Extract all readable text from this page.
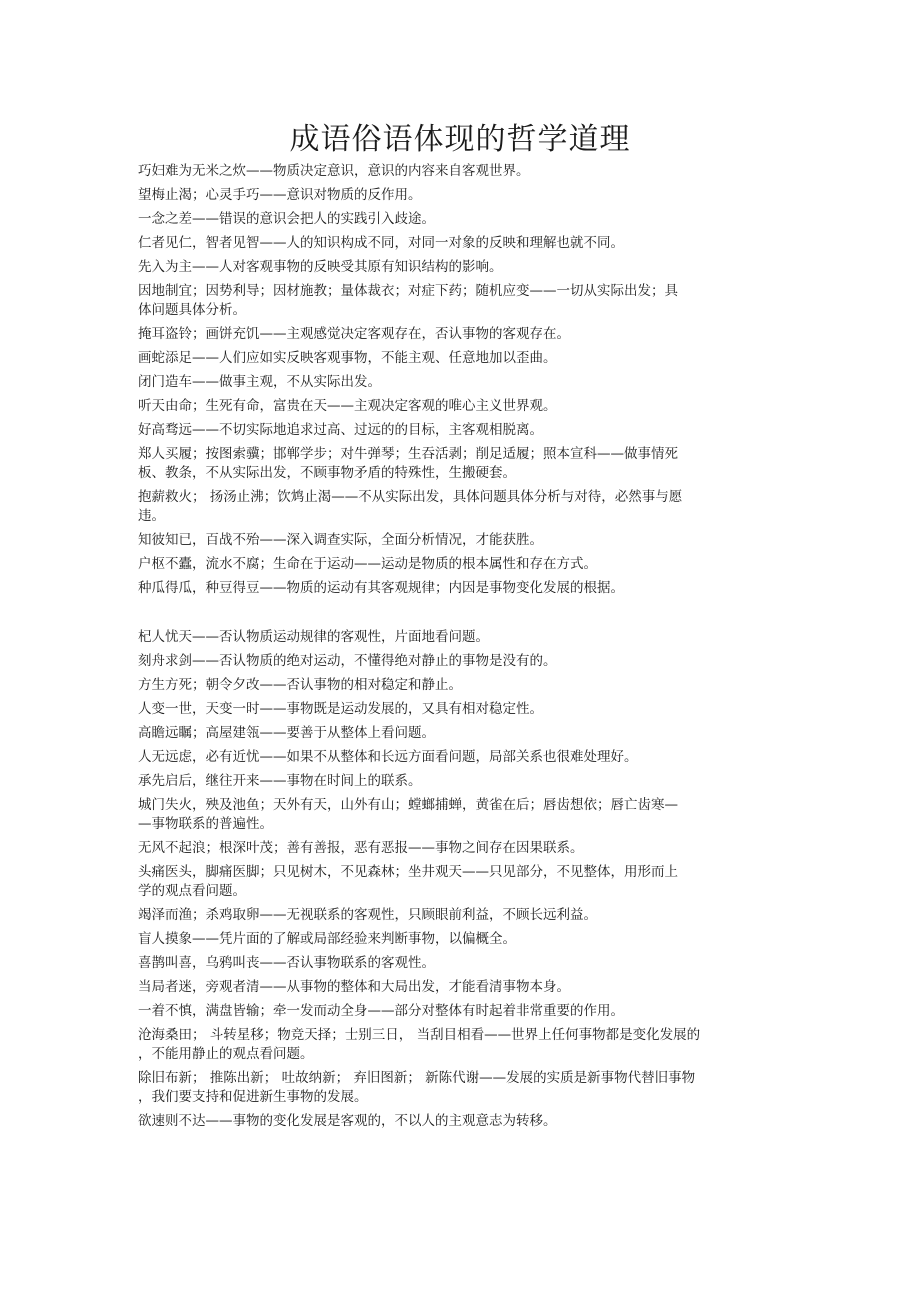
成语俗语体现的哲学道理

巧妇难为无米之炊——物质决定意识，意识的内容来自客观世界。

望梅止渴；心灵手巧——意识对物质的反作用。

一念之差——错误的意识会把人的实践引入歧途。

仁者见仁，智者见智——人的知识构成不同，对同一对象的反映和理解也就不同。

先入为主——人对客观事物的反映受其原有知识结构的影响。

因地制宜；因势利导；因材施教；量体裁衣；对症下药；随机应变——一切从实际出发；具
体问题具体分析。

掩耳盗铃；画饼充饥——主观感觉决定客观存在，否认事物的客观存在。

画蛇添足——人们应如实反映客观事物，不能主观、任意地加以歪曲。

闭门造车——做事主观，不从实际出发。

听天由命；生死有命，富贵在天——主观决定客观的唯心主义世界观。

好高骛远——不切实际地追求过高、过远的的目标，主客观相脱离。

郑人买履；按图索骥；邯郸学步；对牛弹琴；生吞活剥；削足适履；照本宣科——做事情死
板、教条，不从实际出发，不顾事物矛盾的特殊性，生搬硬套。

抱薪救火； 扬汤止沸；饮鸩止渴——不从实际出发，具体问题具体分析与对待，必然事与愿
违。

知彼知已，百战不殆——深入调查实际，全面分析情况，才能获胜。

户枢不蠹，流水不腐；生命在于运动——运动是物质的根本属性和存在方式。

种瓜得瓜，种豆得豆——物质的运动有其客观规律；内因是事物变化发展的根据。

杞人忧天——否认物质运动规律的客观性，片面地看问题。

刻舟求剑——否认物质的绝对运动，不懂得绝对静止的事物是没有的。

方生方死；朝令夕改——否认事物的相对稳定和静止。

人变一世，天变一时——事物既是运动发展的，又具有相对稳定性。

高瞻远瞩；高屋建瓴——要善于从整体上看问题。

人无远虑，必有近忧——如果不从整体和长远方面看问题，局部关系也很难处理好。

承先启后，继往开来——事物在时间上的联系。

城门失火，殃及池鱼；天外有天，山外有山；螳螂捕蝉，黄雀在后；唇齿想依；唇亡齿寒—
—事物联系的普遍性。

无风不起浪；根深叶茂；善有善报，恶有恶报——事物之间存在因果联系。

头痛医头，脚痛医脚；只见树木，不见森林；坐井观天——只见部分，不见整体，用形而上
学的观点看问题。

竭泽而渔；杀鸡取卵——无视联系的客观性，只顾眼前利益，不顾长远利益。

盲人摸象——凭片面的了解或局部经验来判断事物，以偏概全。

喜鹊叫喜，乌鸦叫丧——否认事物联系的客观性。

当局者迷，旁观者清——从事物的整体和大局出发，才能看清事物本身。

一着不慎，满盘皆输；牵一发而动全身——部分对整体有时起着非常重要的作用。

沧海桑田； 斗转星移；物竞天择；士别三日， 当刮目相看——世界上任何事物都是变化发展的
，不能用静止的观点看问题。

除旧布新； 推陈出新； 吐故纳新； 弃旧图新； 新陈代谢——发展的实质是新事物代替旧事物
，我们要支持和促进新生事物的发展。

欲速则不达——事物的变化发展是客观的，不以人的主观意志为转移。
